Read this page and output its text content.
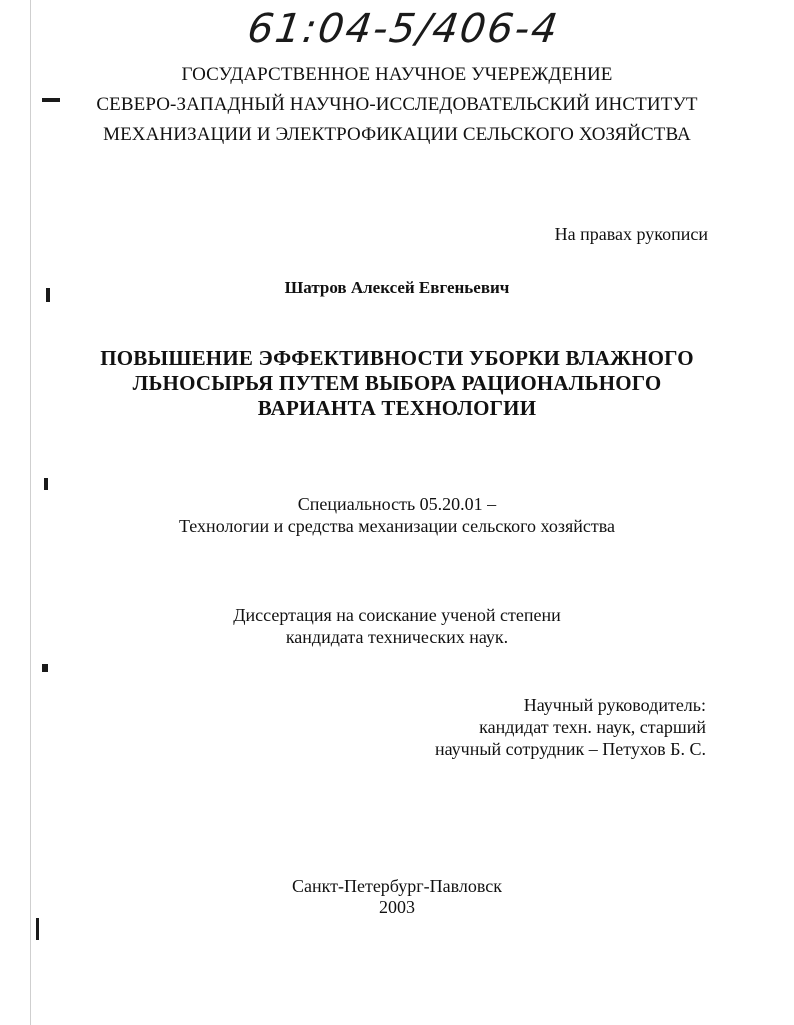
61:04-5/406-4
ГОСУДАРСТВЕННОЕ НАУЧНОЕ УЧЕРЕЖДЕНИЕ
СЕВЕРО-ЗАПАДНЫЙ НАУЧНО-ИССЛЕДОВАТЕЛЬСКИЙ ИНСТИТУТ
МЕХАНИЗАЦИИ И ЭЛЕКТРОФИКАЦИИ СЕЛЬСКОГО ХОЗЯЙСТВА
На правах рукописи
Шатров Алексей Евгеньевич
ПОВЫШЕНИЕ ЭФФЕКТИВНОСТИ УБОРКИ ВЛАЖНОГО
ЛЬНОСЫРЬЯ ПУТЕМ ВЫБОРА РАЦИОНАЛЬНОГО
ВАРИАНТА ТЕХНОЛОГИИ
Специальность 05.20.01 –
Технологии и средства механизации сельского хозяйства
Диссертация на соискание ученой степени
кандидата технических наук.
Научный руководитель:
кандидат техн. наук, старший
научный сотрудник – Петухов Б. С.
Санкт-Петербург-Павловск
2003
